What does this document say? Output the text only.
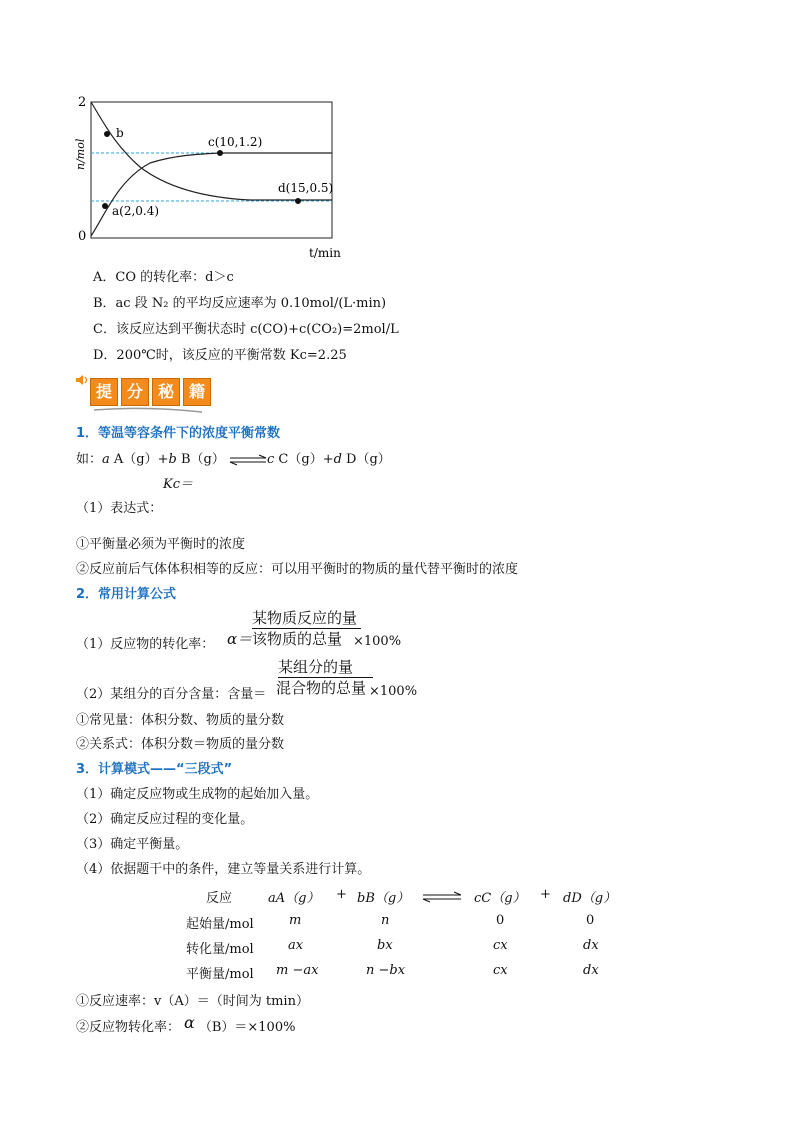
2
0
n/mol
t/min
b
a(2,0.4)
c(10,1.2)
d(15,0.5)
A．CO 的转化率：d＞c
B．ac 段 N₂ 的平均反应速率为 0.10mol/(L·min)
C．该反应达到平衡状态时 c(CO)+c(CO₂)=2mol/L
D．200℃时，该反应的平衡常数 Kc=2.25
提 分 秘 籍
1．等温等容条件下的浓度平衡常数
如：a A（g）+b B（g） ⇌c C（g）+d D（g）
Kc＝
（1）表达式：
①平衡量必须为平衡时的浓度
②反应前后气体体积相等的反应：可以用平衡时的物质的量代替平衡时的浓度
2．常用计算公式
某物质反应的量
（1）反应物的转化率： α＝ 该物质的总量 ×100%
某组分的量
（2）某组分的百分含量：含量＝ 混合物的总量 ×100%
①常见量：体积分数、物质的量分数
②关系式：体积分数＝物质的量分数
3．计算模式——“三段式”
（1）确定反应物或生成物的起始加入量。
（2）确定反应过程的变化量。
（3）确定平衡量。
（4）依据题干中的条件，建立等量关系进行计算。
反应	aA（g） + bB（g）	cC（g） + dD（g）
起始量/mol	m	n	0	0
转化量/mol	ax	bx	cx	dx
平衡量/mol m −ax	n −bx	cx	dx
①反应速率：v（A）＝（时间为 tmin）
②反应物转化率： α （B）＝×100%
